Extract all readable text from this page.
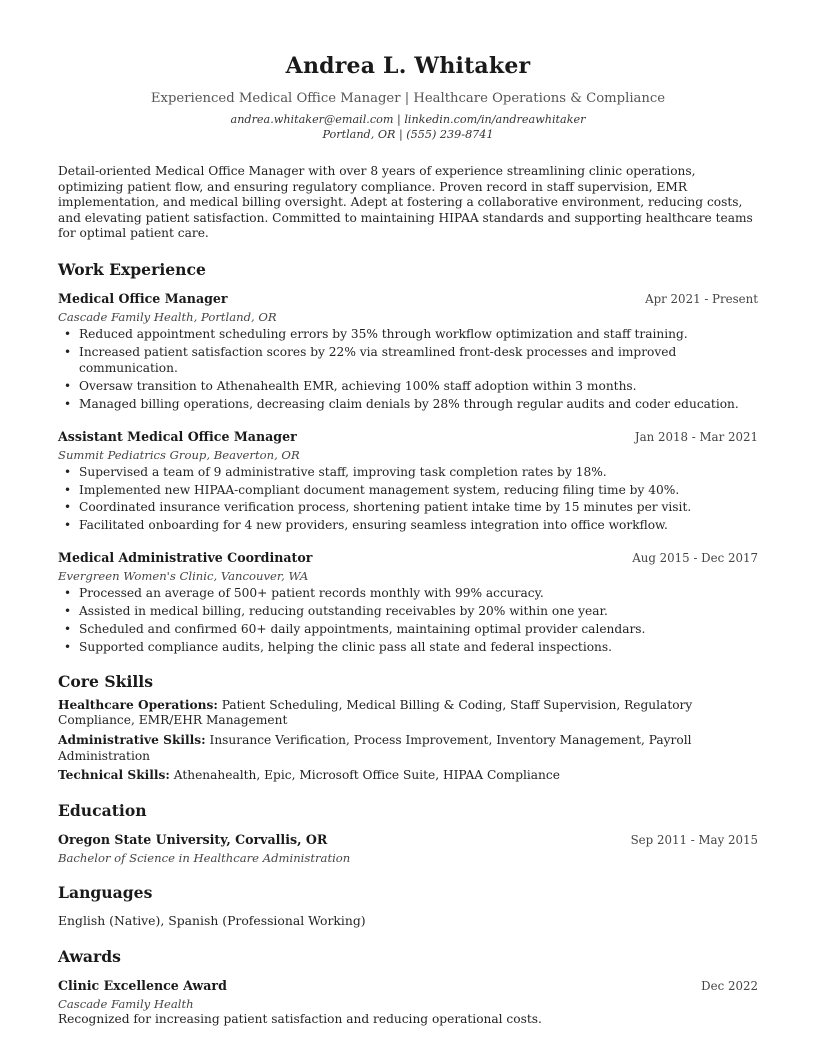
Andrea L. Whitaker
Experienced Medical Office Manager | Healthcare Operations & Compliance
andrea.whitaker@email.com | linkedin.com/in/andreawhitaker
Portland, OR | (555) 239-8741

Detail-oriented Medical Office Manager with over 8 years of experience streamlining clinic operations, optimizing patient flow, and ensuring regulatory compliance. Proven record in staff supervision, EMR implementation, and medical billing oversight. Adept at fostering a collaborative environment, reducing costs, and elevating patient satisfaction. Committed to maintaining HIPAA standards and supporting healthcare teams for optimal patient care.

Work Experience
Medical Office Manager	Apr 2021 - Present
Cascade Family Health, Portland, OR
• Reduced appointment scheduling errors by 35% through workflow optimization and staff training.
• Increased patient satisfaction scores by 22% via streamlined front-desk processes and improved communication.
• Oversaw transition to Athenahealth EMR, achieving 100% staff adoption within 3 months.
• Managed billing operations, decreasing claim denials by 28% through regular audits and coder education.
Assistant Medical Office Manager	Jan 2018 - Mar 2021
Summit Pediatrics Group, Beaverton, OR
• Supervised a team of 9 administrative staff, improving task completion rates by 18%.
• Implemented new HIPAA-compliant document management system, reducing filing time by 40%.
• Coordinated insurance verification process, shortening patient intake time by 15 minutes per visit.
• Facilitated onboarding for 4 new providers, ensuring seamless integration into office workflow.
Medical Administrative Coordinator	Aug 2015 - Dec 2017
Evergreen Women's Clinic, Vancouver, WA
• Processed an average of 500+ patient records monthly with 99% accuracy.
• Assisted in medical billing, reducing outstanding receivables by 20% within one year.
• Scheduled and confirmed 60+ daily appointments, maintaining optimal provider calendars.
• Supported compliance audits, helping the clinic pass all state and federal inspections.
Core Skills
Healthcare Operations: Patient Scheduling, Medical Billing & Coding, Staff Supervision, Regulatory Compliance, EMR/EHR Management
Administrative Skills: Insurance Verification, Process Improvement, Inventory Management, Payroll Administration
Technical Skills: Athenahealth, Epic, Microsoft Office Suite, HIPAA Compliance
Education
Oregon State University, Corvallis, OR	Sep 2011 - May 2015
Bachelor of Science in Healthcare Administration
Languages
English (Native), Spanish (Professional Working)
Awards
Clinic Excellence Award	Dec 2022
Cascade Family Health
Recognized for increasing patient satisfaction and reducing operational costs.
